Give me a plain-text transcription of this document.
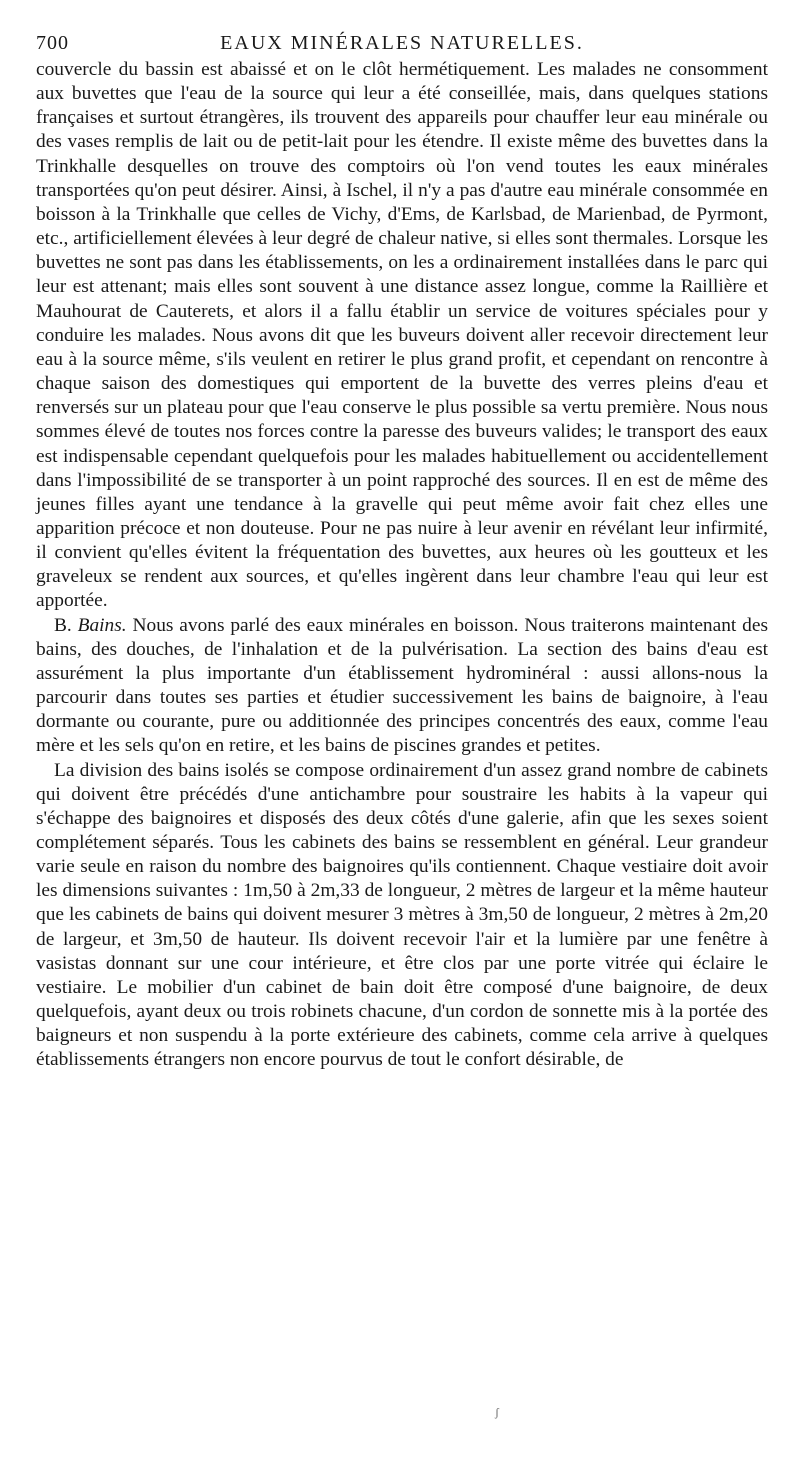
700	EAUX MINÉRALES NATURELLES.

couvercle du bassin est abaissé et on le clôt hermétiquement. Les malades ne consomment aux buvettes que l'eau de la source qui leur a été conseillée, mais, dans quelques stations françaises et surtout étrangères, ils trouvent des appareils pour chauffer leur eau minérale ou des vases remplis de lait ou de petit-lait pour les étendre. Il existe même des buvettes dans la Trinkhalle desquelles on trouve des comptoirs où l'on vend toutes les eaux minérales transportées qu'on peut désirer. Ainsi, à Ischel, il n'y a pas d'autre eau minérale consommée en boisson à la Trinkhalle que celles de Vichy, d'Ems, de Karlsbad, de Marienbad, de Pyrmont, etc., artificiellement élevées à leur degré de chaleur native, si elles sont thermales. Lorsque les buvettes ne sont pas dans les établissements, on les a ordinairement installées dans le parc qui leur est attenant; mais elles sont souvent à une distance assez longue, comme la Raillière et Mauhourat de Cauterets, et alors il a fallu établir un service de voitures spéciales pour y conduire les malades. Nous avons dit que les buveurs doivent aller recevoir directement leur eau à la source même, s'ils veulent en retirer le plus grand profit, et cependant on rencontre à chaque saison des domestiques qui emportent de la buvette des verres pleins d'eau et renversés sur un plateau pour que l'eau conserve le plus possible sa vertu première. Nous nous sommes élevé de toutes nos forces contre la paresse des buveurs valides; le transport des eaux est indispensable cependant quelquefois pour les malades habituellement ou accidentellement dans l'impossibilité de se transporter à un point rapproché des sources. Il en est de même des jeunes filles ayant une tendance à la gravelle qui peut même avoir fait chez elles une apparition précoce et non douteuse. Pour ne pas nuire à leur avenir en révélant leur infirmité, il convient qu'elles évitent la fréquentation des buvettes, aux heures où les goutteux et les graveleux se rendent aux sources, et qu'elles ingèrent dans leur chambre l'eau qui leur est apportée.

B. Bains. Nous avons parlé des eaux minérales en boisson. Nous traiterons maintenant des bains, des douches, de l'inhalation et de la pulvérisation. La section des bains d'eau est assurément la plus importante d'un établissement hydrominéral : aussi allons-nous la parcourir dans toutes ses parties et étudier successivement les bains de baignoire, à l'eau dormante ou courante, pure ou additionnée des principes concentrés des eaux, comme l'eau mère et les sels qu'on en retire, et les bains de piscines grandes et petites.

La division des bains isolés se compose ordinairement d'un assez grand nombre de cabinets qui doivent être précédés d'une antichambre pour soustraire les habits à la vapeur qui s'échappe des baignoires et disposés des deux côtés d'une galerie, afin que les sexes soient complétement séparés. Tous les cabinets des bains se ressemblent en général. Leur grandeur varie seule en raison du nombre des baignoires qu'ils contiennent. Chaque vestiaire doit avoir les dimensions suivantes : 1m,50 à 2m,33 de longueur, 2 mètres de largeur et la même hauteur que les cabinets de bains qui doivent mesurer 3 mètres à 3m,50 de longueur, 2 mètres à 2m,20 de largeur, et 3m,50 de hauteur. Ils doivent recevoir l'air et la lumière par une fenêtre à vasistas donnant sur une cour intérieure, et être clos par une porte vitrée qui éclaire le vestiaire. Le mobilier d'un cabinet de bain doit être composé d'une baignoire, de deux quelquefois, ayant deux ou trois robinets chacune, d'un cordon de sonnette mis à la portée des baigneurs et non suspendu à la porte extérieure des cabinets, comme cela arrive à quelques établissements étrangers non encore pourvus de tout le confort désirable, de

ʃ
